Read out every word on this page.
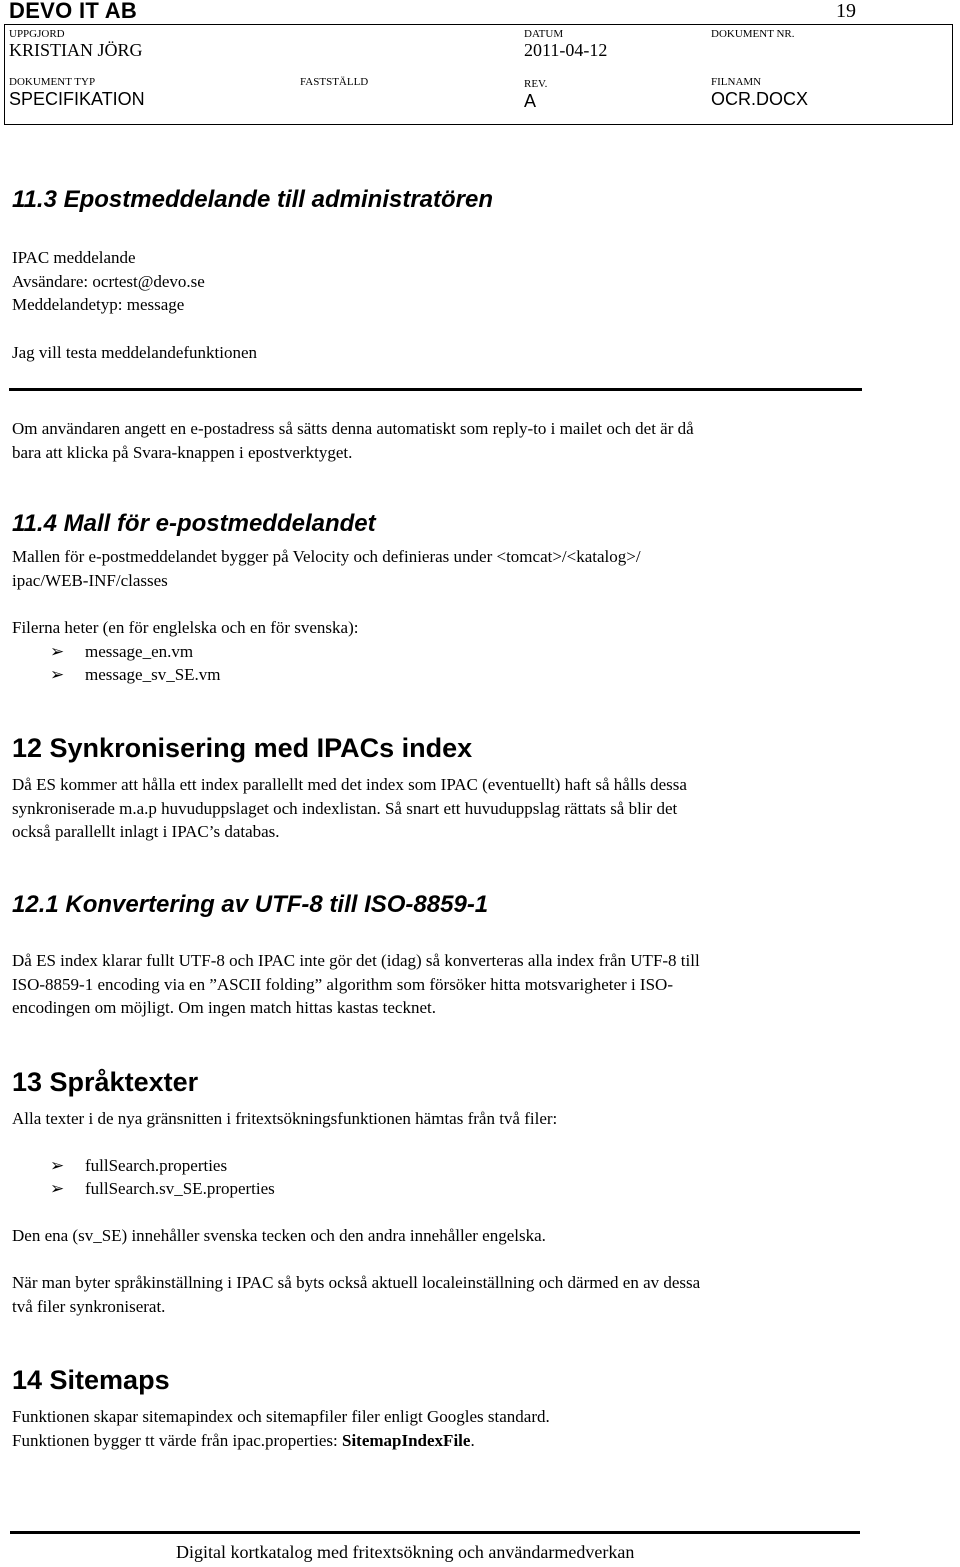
DEVO IT AB	19
UPPGJORD
KRISTIAN JÖRG
DATUM
2011-04-12
DOKUMENT NR.
DOKUMENT TYP
SPECIFIKATION
FASTSTÄLLD	REV.
A
FILNAMN
OCR.DOCX
11.3 Epostmeddelande till administratören
IPAC meddelande
Avsändare: ocrtest@devo.se
Meddelandetyp: message
Jag vill testa meddelandefunktionen
Om användaren angett en e-postadress så sätts denna automatiskt som reply-to i mailet och det är då
bara att klicka på Svara-knappen i epostverktyget.
11.4 Mall för e-postmeddelandet
Mallen för e-postmeddelandet bygger på Velocity och definieras under <tomcat>/<katalog>/
ipac/WEB-INF/classes
Filerna heter (en för englelska och en för svenska):
➢ message_en.vm
➢ message_sv_SE.vm
12 Synkronisering med IPACs index
Då ES kommer att hålla ett index parallellt med det index som IPAC (eventuellt) haft så hålls dessa
synkroniserade m.a.p huvuduppslaget och indexlistan. Så snart ett huvuduppslag rättats så blir det
också parallellt inlagt i IPAC’s databas.
12.1 Konvertering av UTF-8 till ISO-8859-1
Då ES index klarar fullt UTF-8 och IPAC inte gör det (idag) så konverteras alla index från UTF-8 till
ISO-8859-1 encoding via en ”ASCII folding” algorithm som försöker hitta motsvarigheter i ISO-
encodingen om möjligt. Om ingen match hittas kastas tecknet.
13 Språktexter
Alla texter i de nya gränsnitten i fritextsökningsfunktionen hämtas från två filer:
➢ fullSearch.properties
➢ fullSearch.sv_SE.properties
Den ena (sv_SE) innehåller svenska tecken och den andra innehåller engelska.
När man byter språkinställning i IPAC så byts också aktuell localeinställning och därmed en av dessa
två filer synkroniserat.
14 Sitemaps
Funktionen skapar sitemapindex och sitemapfiler filer enligt Googles standard.
Funktionen bygger tt värde från ipac.properties: SitemapIndexFile.
Digital kortkatalog med fritextsökning och användarmedverkan
